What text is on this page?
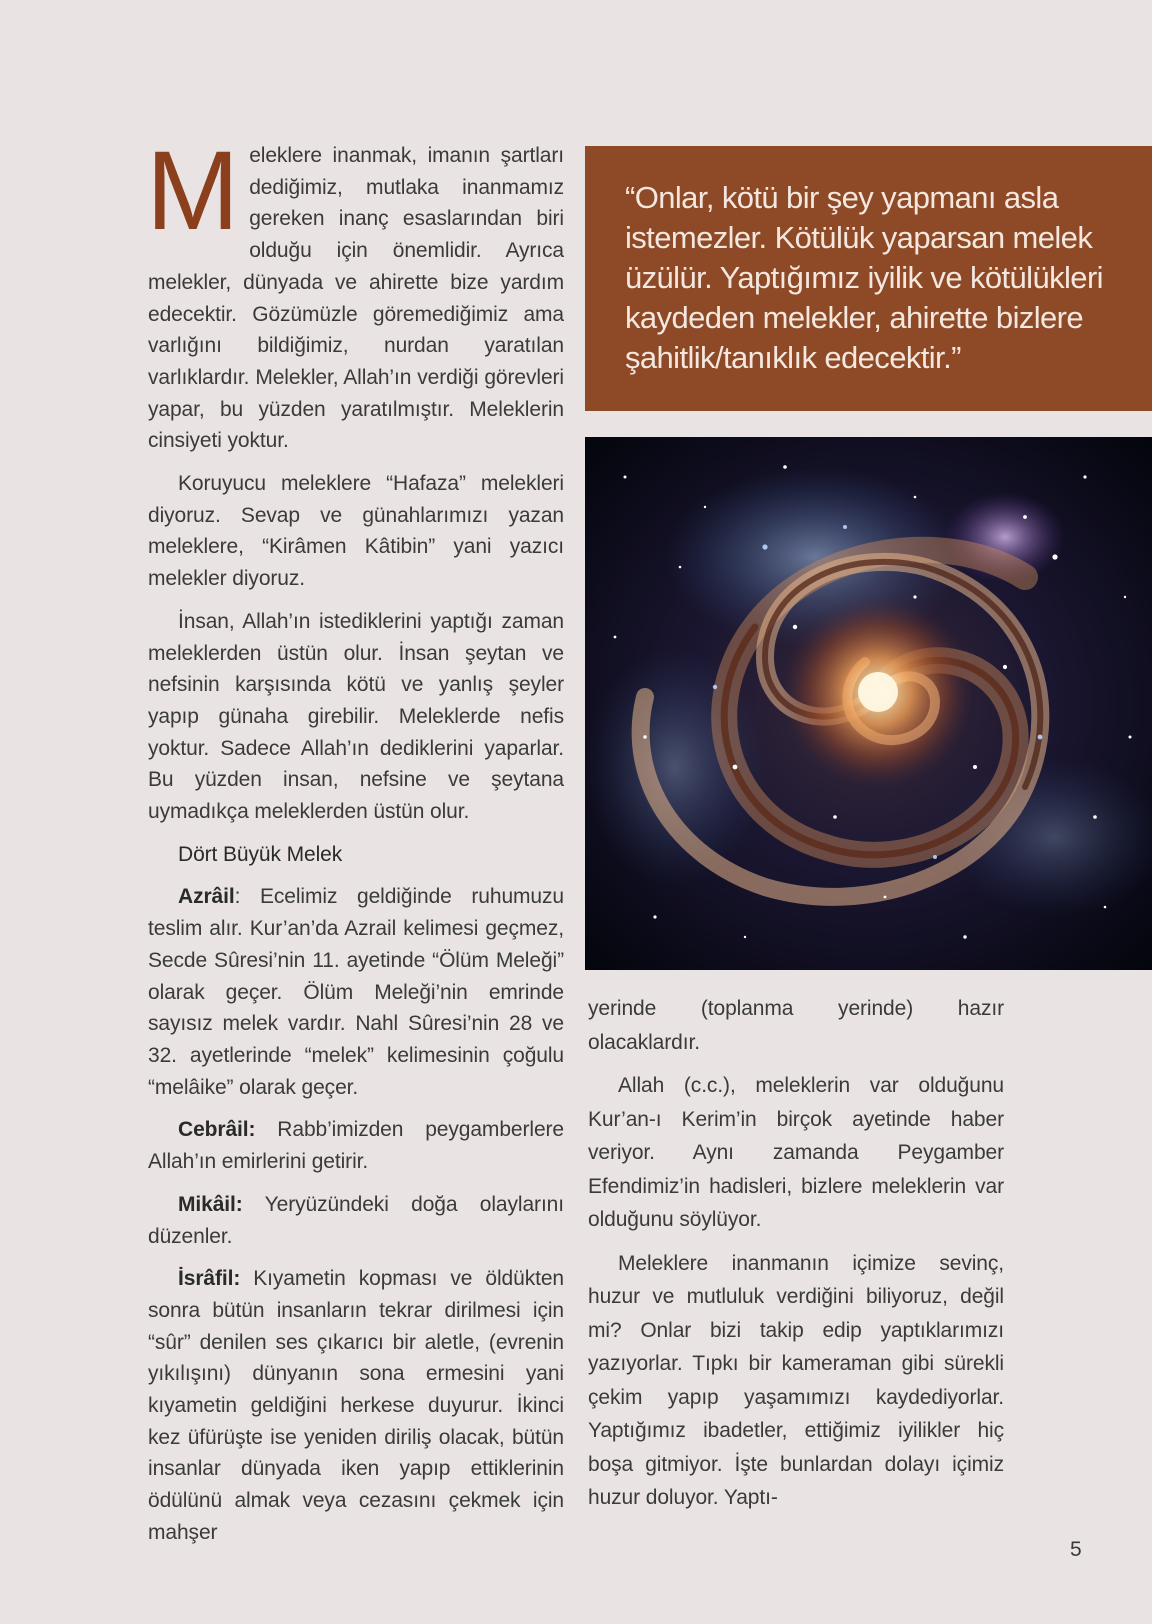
Meleklere inanmak, imanın şartları dediğimiz, mutlaka inanmamız gereken inanç esaslarından biri olduğu için önemlidir. Ayrıca melekler, dünyada ve ahirette bize yardım edecektir. Gözümüzle göremediğimiz ama varlığını bildiğimiz, nurdan yaratılan varlıklardır. Melekler, Allah’ın verdiği görevleri yapar, bu yüzden yaratılmıştır. Meleklerin cinsiyeti yoktur.

Koruyucu meleklere “Hafaza” melekleri diyoruz. Sevap ve günahlarımızı yazan meleklere, “Kirâmen Kâtibin” yani yazıcı melekler diyoruz.

İnsan, Allah’ın istediklerini yaptığı zaman meleklerden üstün olur. İnsan şeytan ve nefsinin karşısında kötü ve yanlış şeyler yapıp günaha girebilir. Meleklerde nefis yoktur. Sadece Allah’ın dediklerini yaparlar. Bu yüzden insan, nefsine ve şeytana uymadıkça meleklerden üstün olur.

Dört Büyük Melek

Azrâil: Ecelimiz geldiğinde ruhumuzu teslim alır. Kur’an’da Azrail kelimesi geçmez, Secde Sûresi’nin 11. ayetinde “Ölüm Meleği” olarak geçer. Ölüm Meleği’nin emrinde sayısız melek vardır. Nahl Sûresi’nin 28 ve 32. ayetlerinde “melek” kelimesinin çoğulu “melâike” olarak geçer.

Cebrâil: Rabb’imizden peygamberlere Allah’ın emirlerini getirir.

Mikâil: Yeryüzündeki doğa olaylarını düzenler.

İsrâfil: Kıyametin kopması ve öldükten sonra bütün insanların tekrar dirilmesi için “sûr” denilen ses çıkarıcı bir aletle, (evrenin yıkılışını) dünyanın sona ermesini yani kıyametin geldiğini herkese duyurur. İkinci kez üfürüşte ise yeniden diriliş olacak, bütün insanlar dünyada iken yapıp ettiklerinin ödülünü almak veya cezasını çekmek için mahşer

“Onlar, kötü bir şey yapmanı asla istemezler. Kötülük yaparsan melek üzülür. Yaptığımız iyilik ve kötülükleri kaydeden melekler, ahirette bizlere şahitlik/tanıklık edecektir.”

yerinde (toplanma yerinde) hazır olacaklardır.

Allah (c.c.), meleklerin var olduğunu Kur’an-ı Kerim’in birçok ayetinde haber veriyor. Aynı zamanda Peygamber Efendimiz’in hadisleri, bizlere meleklerin var olduğunu söylüyor.

Meleklere inanmanın içimize sevinç, huzur ve mutluluk verdiğini biliyoruz, değil mi? Onlar bizi takip edip yaptıklarımızı yazıyorlar. Tıpkı bir kameraman gibi sürekli çekim yapıp yaşamımızı kaydediyorlar. Yaptığımız ibadetler, ettiğimiz iyilikler hiç boşa gitmiyor. İşte bunlardan dolayı içimiz huzur doluyor. Yaptı-

5
